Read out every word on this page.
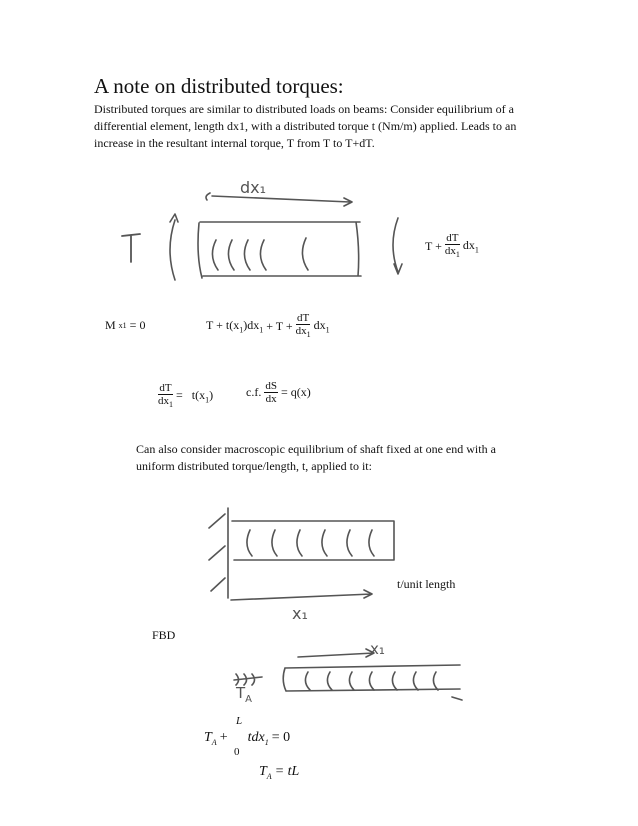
A note on distributed torques:
Distributed torques are similar to distributed loads on beams: Consider equilibrium of a differential element, length dx1, with a distributed torque t (Nm/m) applied. Leads to an increase in the resultant internal torque, T from T to T+dT.
dx₁
$T + \frac{dT}{dx_1} dx_1$
M x1 = 0	$T + t(x_1)dx_1 + T + \frac{dT}{dx_1} dx_1$
$\frac{dT}{dx_1} = t(x_1)$	c.f. $\frac{dS}{dx} = q(x)$
Can also consider macroscopic equilibrium of shaft fixed at one end with a uniform distributed torque/length, t, applied to it:
t/unit length
x₁
FBD
x₁
$T_A$
L
$T_A + tdx_1 = 0$
0
$T_A$ = tL
